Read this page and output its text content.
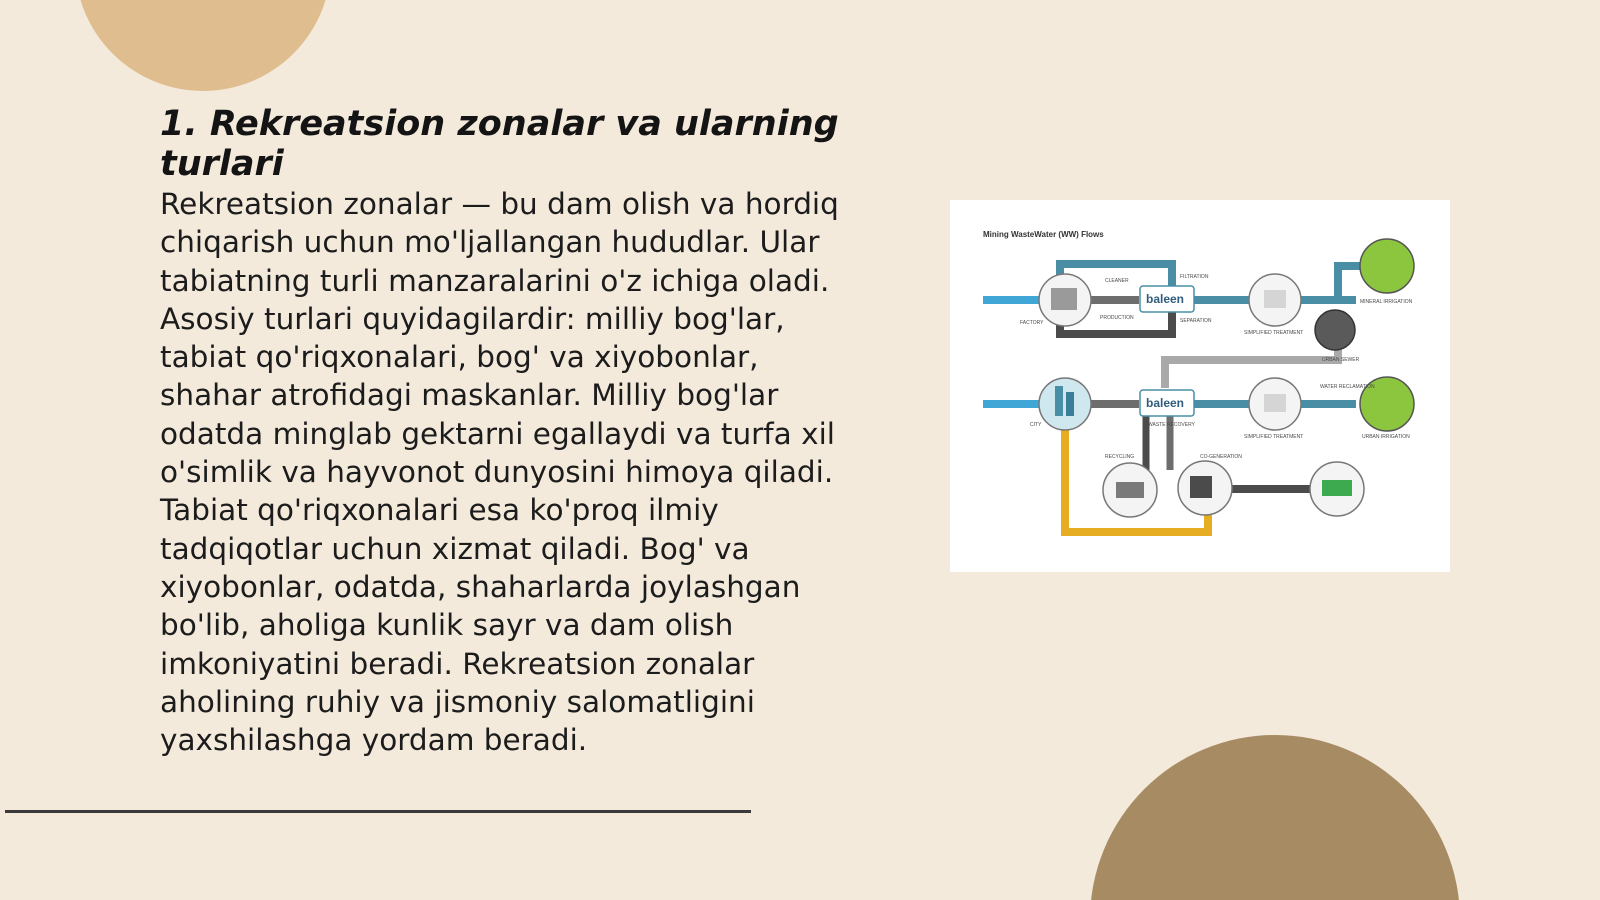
1. Rekreatsion zonalar va ularning turlari

Rekreatsion zonalar — bu dam olish va hordiq chiqarish uchun mo'ljallangan hududlar. Ular tabiatning turli manzaralarini o'z ichiga oladi. Asosiy turlari quyidagilardir: milliy bog'lar, tabiat qo'riqxonalari, bog' va xiyobonlar, shahar atrofidagi maskanlar. Milliy bog'lar odatda minglab gektarni egallaydi va turfa xil o'simlik va hayvonot dunyosini himoya qiladi. Tabiat qo'riqxonalari esa ko'proq ilmiy tadqiqotlar uchun xizmat qiladi. Bog' va xiyobonlar, odatda, shaharlarda joylashgan bo'lib, aholiga kunlik sayr va dam olish imkoniyatini beradi. Rekreatsion zonalar aholining ruhiy va jismoniy salomatligini yaxshilashga yordam beradi.

Mining WasteWater (WW) Flows
baleen
baleen
FACTORY
CLEANER
PRODUCTION
FILTRATION
SEPARATION
SIMPLIFIED TREATMENT
MINERAL IRRIGATION
URBAN SEWER
CITY
WATER RECLAMATION
SIMPLIFIED TREATMENT	URBAN IRRIGATION
WASTE RECOVERY
RECYCLING	CO-GENERATION
